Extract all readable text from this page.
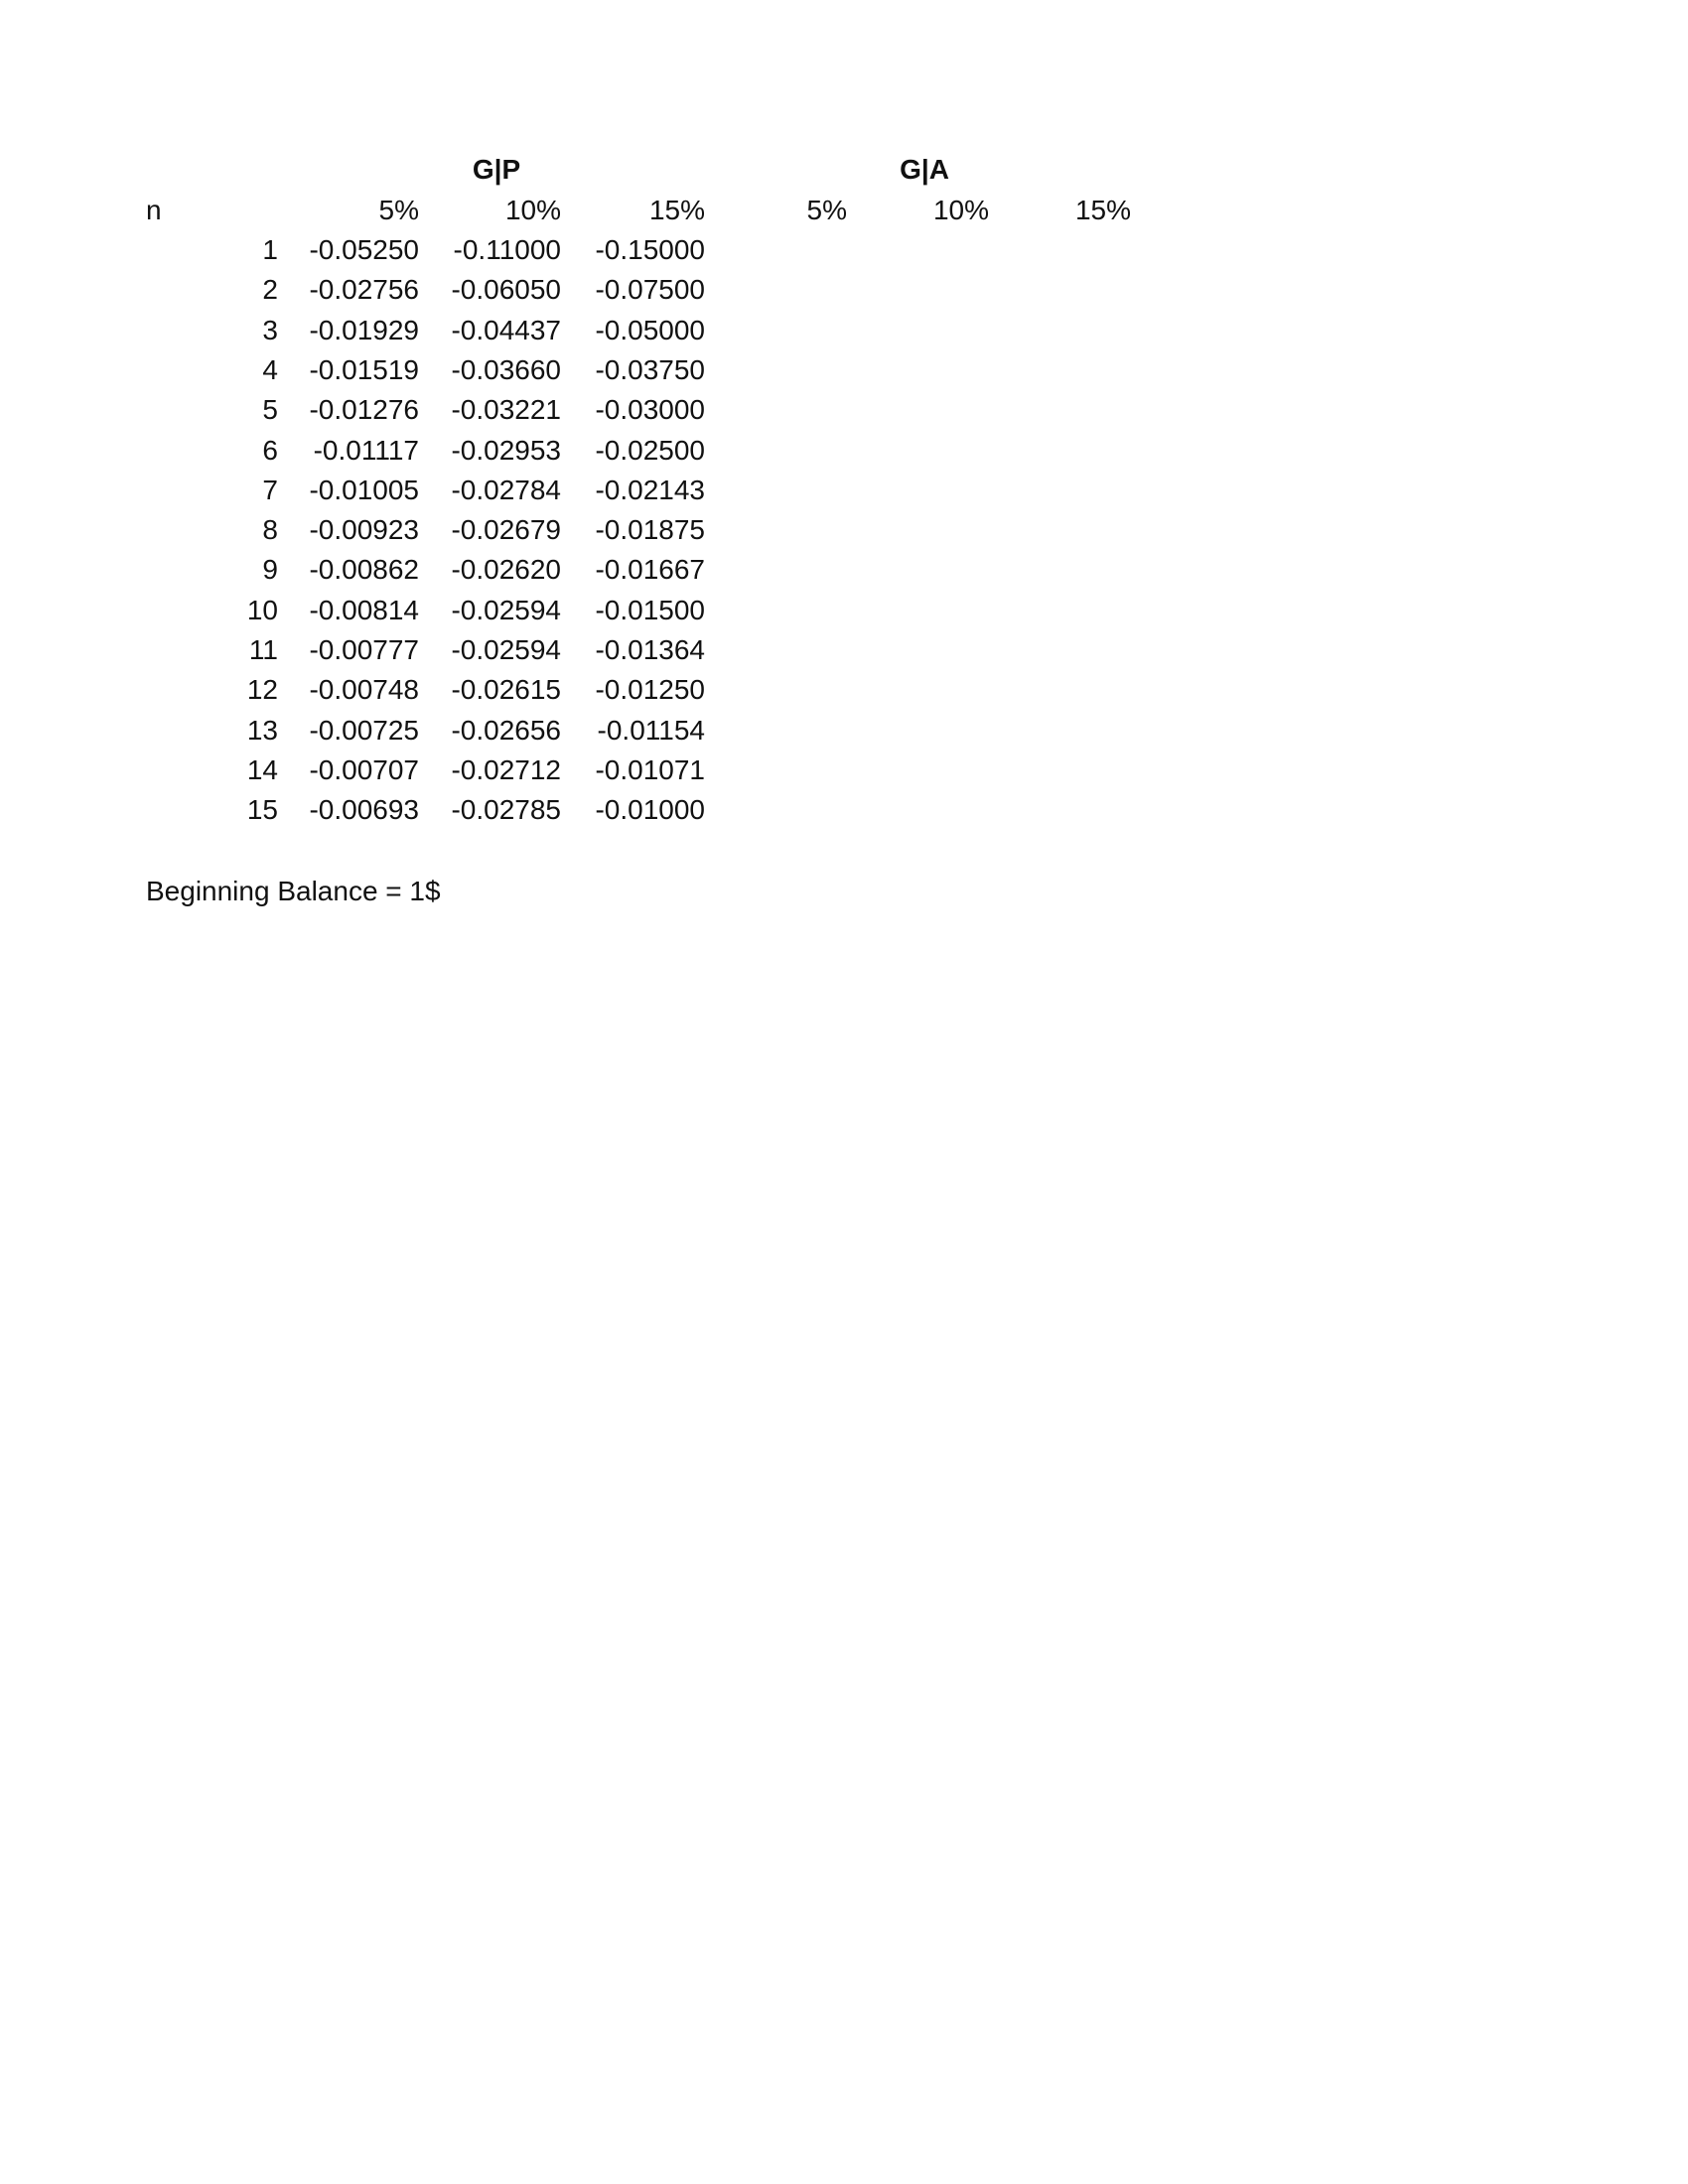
G|P	G|A
n	5%	10%	15%	5%	10%	15%
1	-0.05250	-0.11000	-0.15000
2	-0.02756	-0.06050	-0.07500
3	-0.01929	-0.04437	-0.05000
4	-0.01519	-0.03660	-0.03750
5	-0.01276	-0.03221	-0.03000
6	-0.01117	-0.02953	-0.02500
7	-0.01005	-0.02784	-0.02143
8	-0.00923	-0.02679	-0.01875
9	-0.00862	-0.02620	-0.01667
10	-0.00814	-0.02594	-0.01500
11	-0.00777	-0.02594	-0.01364
12	-0.00748	-0.02615	-0.01250
13	-0.00725	-0.02656	-0.01154
14	-0.00707	-0.02712	-0.01071
15	-0.00693	-0.02785	-0.01000
Beginning Balance = 1$
